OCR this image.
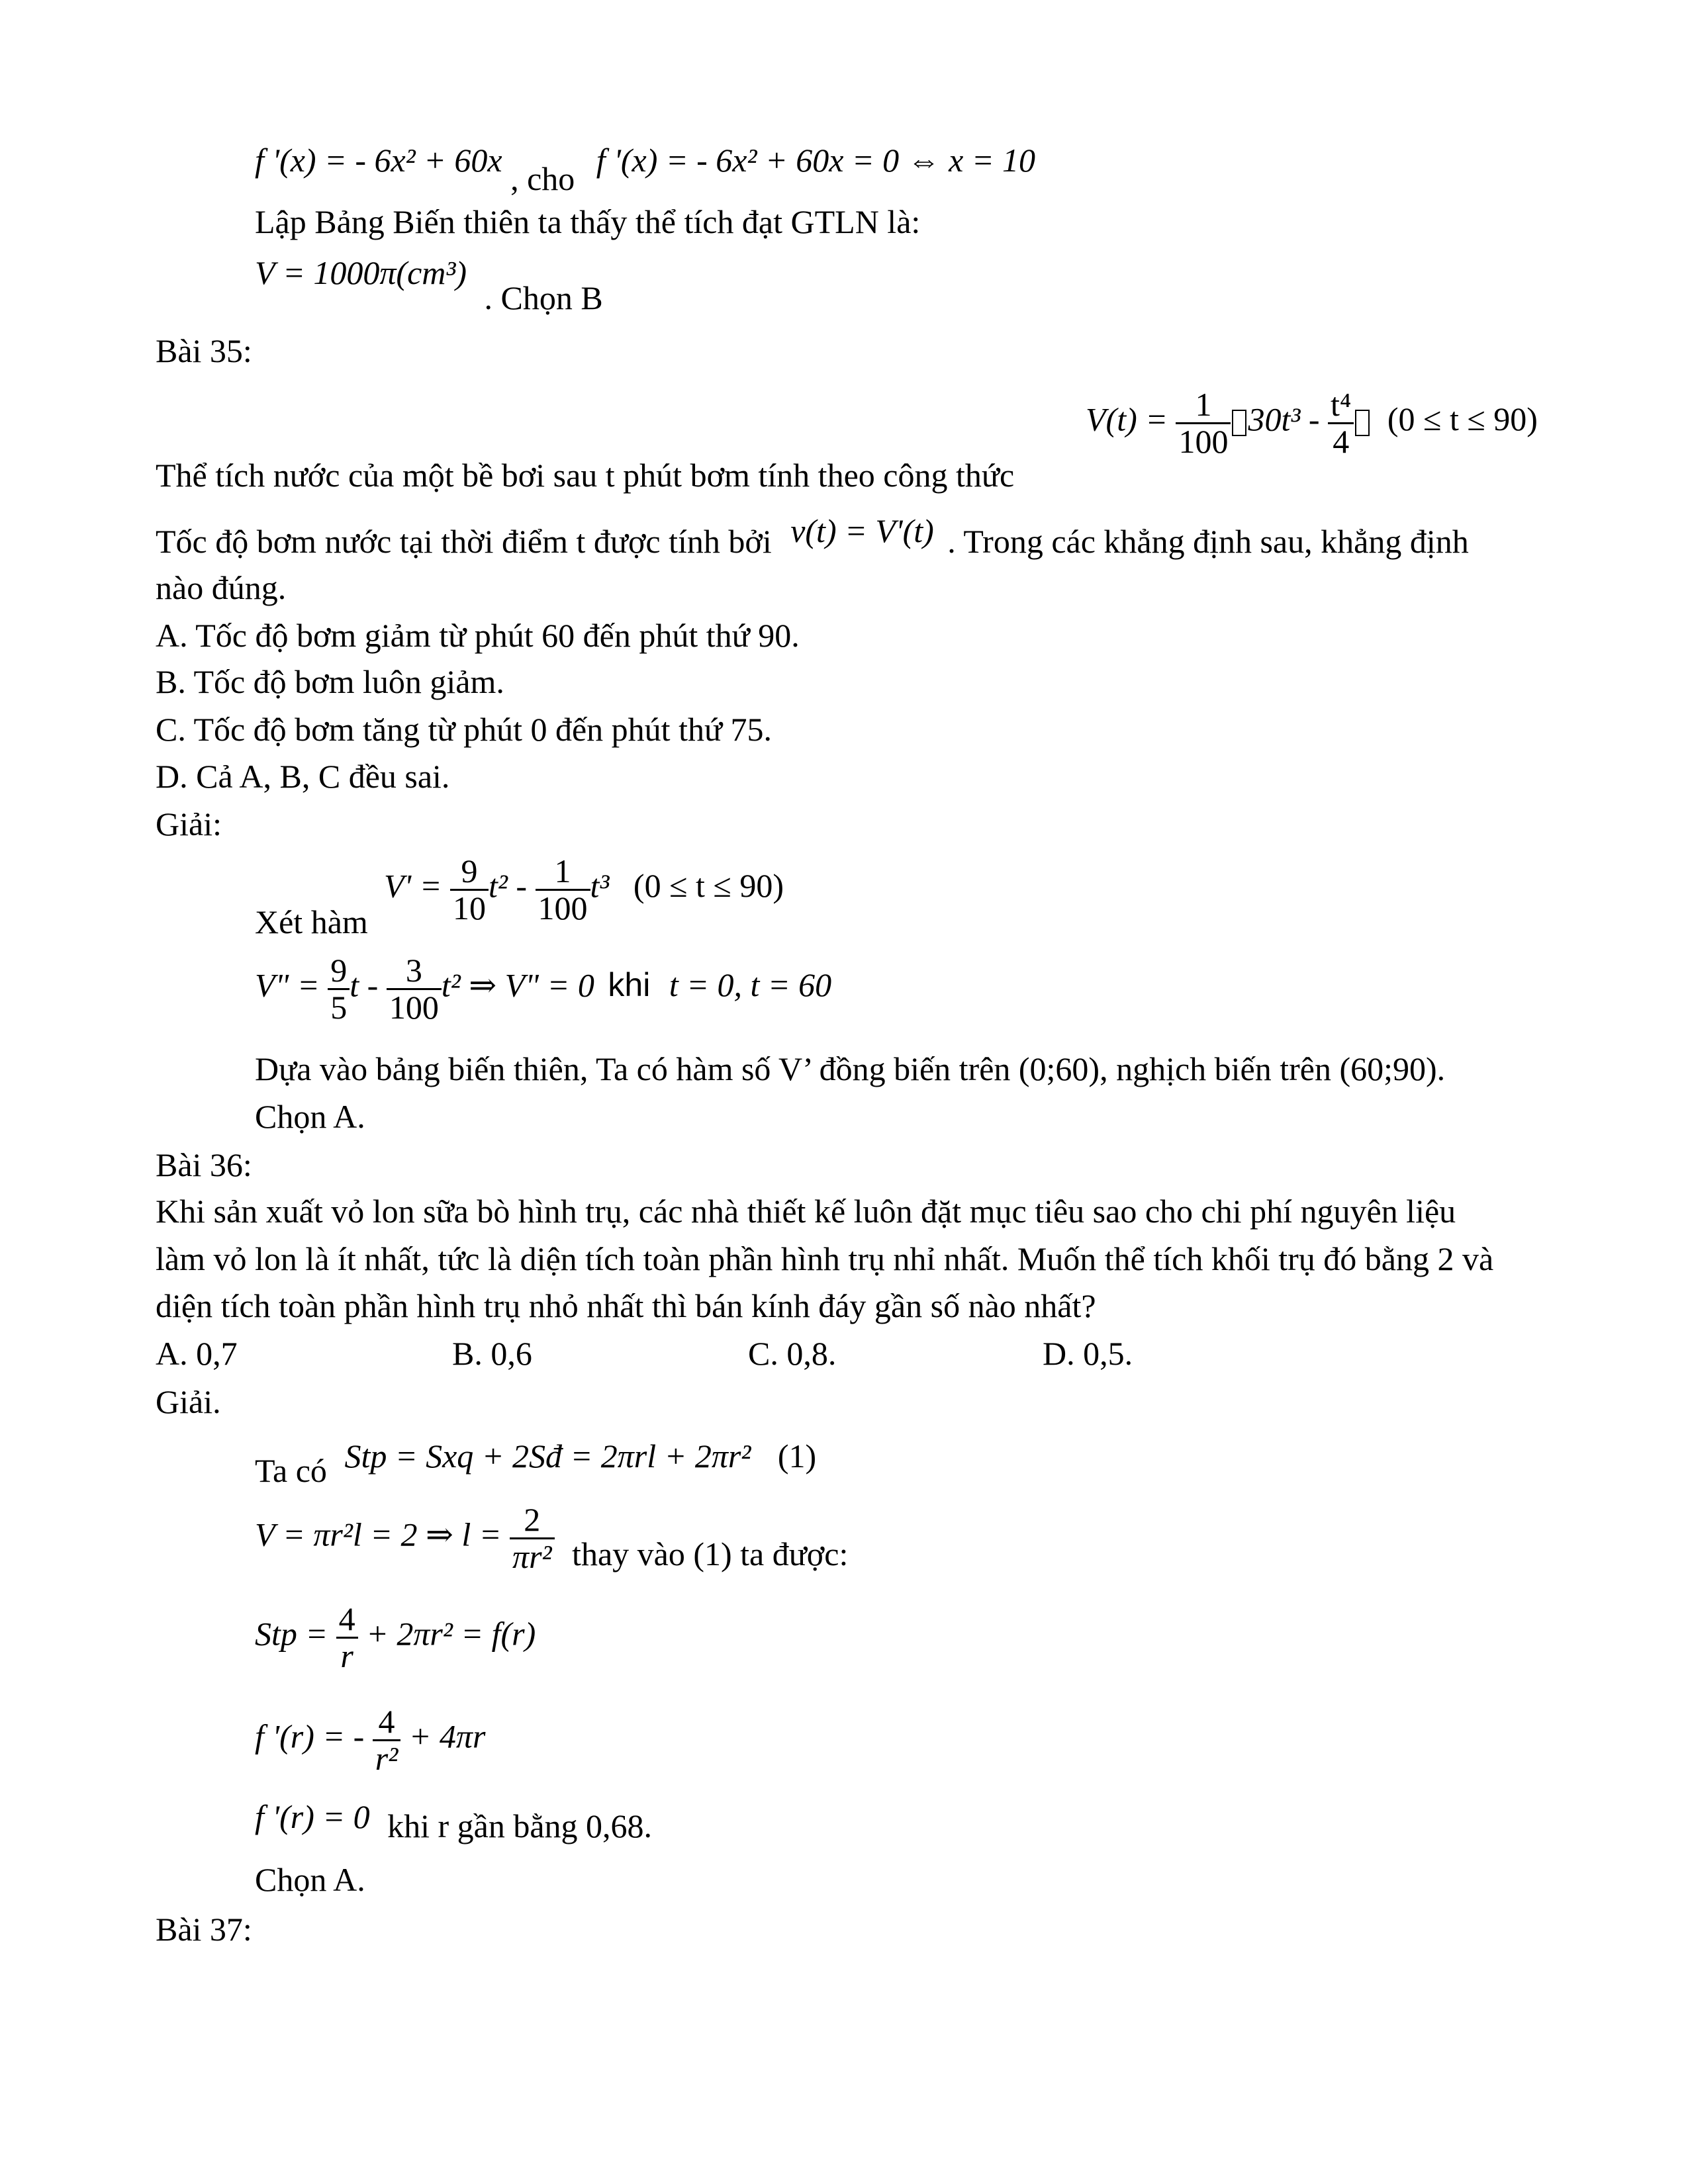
f '(x) = - 6x² + 60x , cho f '(x) = - 6x² + 60x = 0 ⇔ x = 10
Lập Bảng Biến thiên ta thấy thể tích đạt GTLN là:
V = 1000π(cm³) . Chọn B
Bài 35:
$V(t) = \frac{1}{100} 30t^3 - \frac{\text{t⁴}}{4} (0 \le t \le 90)$
Thể tích nước của một bề bơi sau t phút bơm tính theo công thức
Tốc độ bơm nước tại thời điểm t được tính bởi v(t) = V'(t) . Trong các khẳng định sau, khẳng định
nào đúng.
A. Tốc độ bơm giảm từ phút 60 đến phút thứ 90.
B. Tốc độ bơm luôn giảm.
C. Tốc độ bơm tăng từ phút 0 đến phút thứ 75.
D. Cả A, B, C đều sai.
Giải:
$V' = \frac{9}{10} t^2 - \frac{1}{100} t^3$ (0 ≤ t ≤ 90)
Xét hàm
V" = $\frac{9}{5}$ t - $\frac{3}{100} t^2$ ⇒ V" = 0 khi t = 0, t = 60
Dựa vào bảng biến thiên, Ta có hàm số V’ đồng biến trên (0;60), nghịch biến trên (60;90).
Chọn A.
Bài 36:
Khi sản xuất vỏ lon sữa bò hình trụ, các nhà thiết kế luôn đặt mục tiêu sao cho chi phí nguyên liệu
làm vỏ lon là ít nhất, tức là diện tích toàn phần hình trụ nhỉ nhất. Muốn thể tích khối trụ đó bằng 2 và
diện tích toàn phần hình trụ nhỏ nhất thì bán kính đáy gần số nào nhất?
A. 0,7	B. 0,6	C. 0,8.	D. 0,5.
Giải.
Ta có Stp = Sxq + 2Sđ = 2πrl + 2πr² (1)
V = πr²l = 2 ⇒ $l = \frac{2}{\text{πr²}}$ thay vào (1) ta được:
Stp = $\frac{4}{r} + 2\pi r^2 = f(r)$
f '(r) = - $\frac{4}{\text{r²}} + 4\pi r$
f '(r) = 0 khi r gần bằng 0,68.
Chọn A.
Bài 37:
